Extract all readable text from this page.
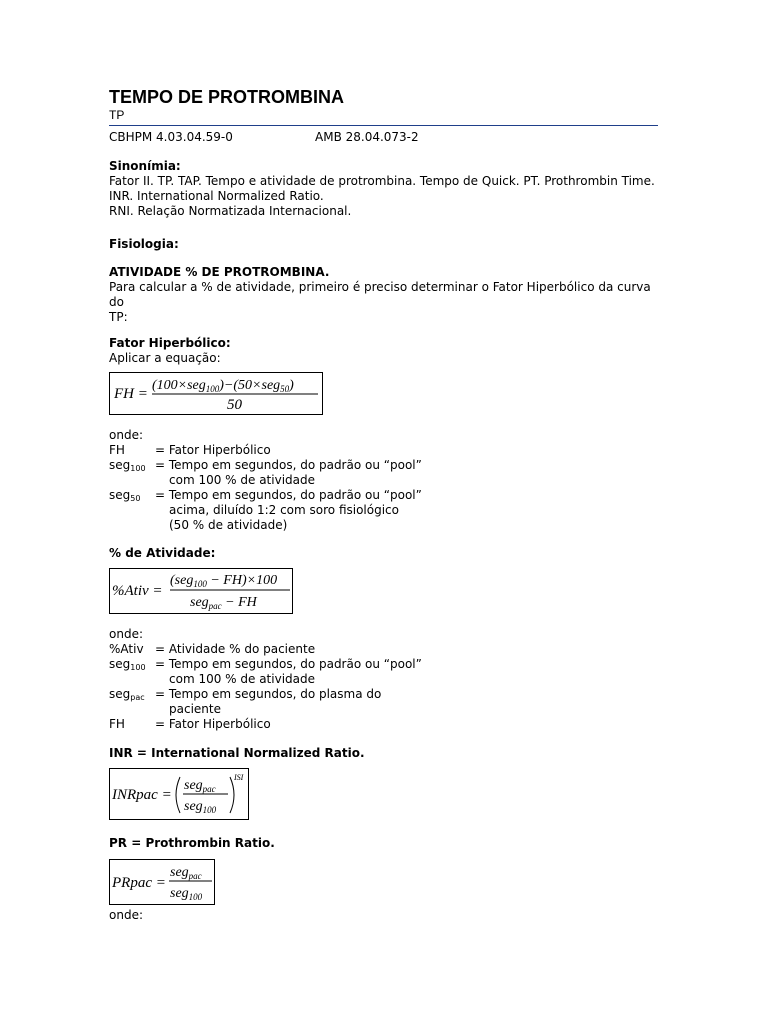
TEMPO DE PROTROMBINA
TP
CBHPM 4.03.04.59-0	AMB 28.04.073-2
Sinonímia:
Fator II. TP. TAP. Tempo e atividade de protrombina. Tempo de Quick. PT. Prothrombin Time.
INR. International Normalized Ratio.
RNI. Relação Normatizada Internacional.
Fisiologia:
ATIVIDADE % DE PROTROMBINA.
Para calcular a % de atividade, primeiro é preciso determinar o Fator Hiperbólico da curva do
TP:
Fator Hiperbólico:
Aplicar a equação:
FH =
(100×seg$_{100}$)−(50×seg$_{50}$)
50
onde:
FH	= Fator Hiperbólico
seg$_{100}$ = Tempo em segundos, do padrão ou “pool”
com 100 % de atividade
seg$_{50}$ = Tempo em segundos, do padrão ou “pool”
acima, diluído 1:2 com soro fisiológico
(50 % de atividade)
% de Atividade:
%Ativ =
(seg$_{100}$ − FH)×100
seg$_{pac}$ − FH
onde:
%Ativ = Atividade % do paciente
seg$_{100}$ = Tempo em segundos, do padrão ou “pool”
com 100 % de atividade
seg$_{pac}$ = Tempo em segundos, do plasma do
paciente
FH	= Fator Hiperbólico
INR = International Normalized Ratio.
INRpac =
seg$_{pac}$
seg$_{100}$
ISI
PR = Prothrombin Ratio.
PRpac =
seg$_{pac}$
seg$_{100}$
onde:
